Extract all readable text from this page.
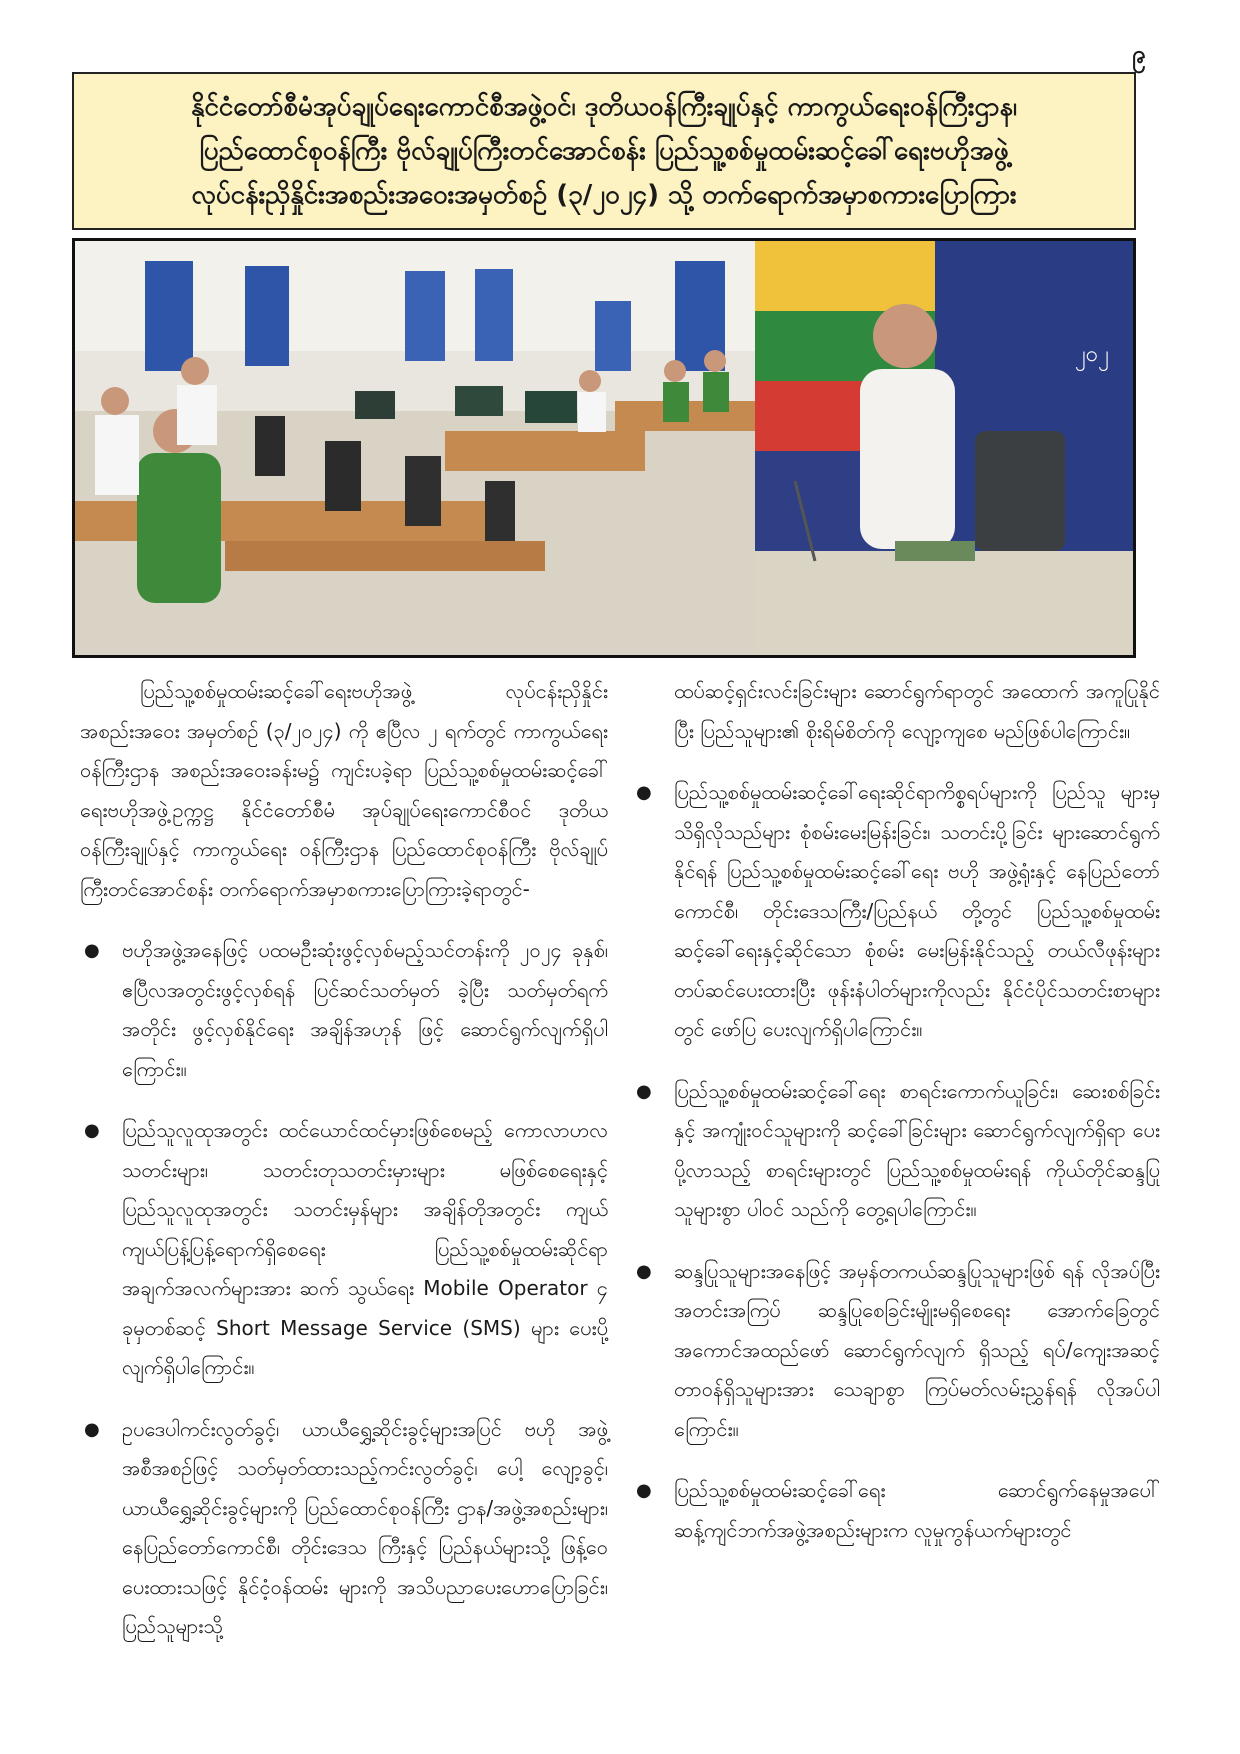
၉
နိုင်ငံတော်စီမံအုပ်ချုပ်ရေးကောင်စီအဖွဲ့ဝင်၊ ဒုတိယဝန်ကြီးချုပ်နှင့် ကာကွယ်ရေးဝန်ကြီးဌာန၊
ပြည်ထောင်စုဝန်ကြီး ဗိုလ်ချုပ်ကြီးတင်အောင်စန်း ပြည်သူ့စစ်မှုထမ်းဆင့်ခေါ်ရေးဗဟိုအဖွဲ့
လုပ်ငန်းညှိနှိုင်းအစည်းအဝေးအမှတ်စဉ် (၃/၂၀၂၄) သို့ တက်ရောက်အမှာစကားပြောကြား
၂၀၂

ပြည်သူ့စစ်မှုထမ်းဆင့်ခေါ်ရေးဗဟိုအဖွဲ့ လုပ်ငန်းညှိနှိုင်း အစည်းအဝေး အမှတ်စဉ် (၃/၂၀၂၄) ကို ဧပြီလ ၂ ရက်တွင် ကာကွယ်ရေးဝန်ကြီးဌာန အစည်းအဝေးခန်းမ၌ ကျင်းပခဲ့ရာ ပြည်သူ့စစ်မှုထမ်းဆင့်ခေါ်ရေးဗဟိုအဖွဲ့ဥက္ကဋ္ဌ နိုင်ငံတော်စီမံ အုပ်ချုပ်ရေးကောင်စီဝင် ဒုတိယဝန်ကြီးချုပ်နှင့် ကာကွယ်ရေး ဝန်ကြီးဌာန ပြည်ထောင်စုဝန်ကြီး ဗိုလ်ချုပ်ကြီးတင်အောင်စန်း တက်ရောက်အမှာစကားပြောကြားခဲ့ရာတွင်-

● ဗဟိုအဖွဲ့အနေဖြင့် ပထမဦးဆုံးဖွင့်လှစ်မည့်သင်တန်းကို ၂၀၂၄ ခုနှစ်၊ ဧပြီလအတွင်းဖွင့်လှစ်ရန် ပြင်ဆင်သတ်မှတ် ခဲ့ပြီး သတ်မှတ်ရက်အတိုင်း ဖွင့်လှစ်နိုင်ရေး အချိန်အဟုန် ဖြင့် ဆောင်ရွက်လျက်ရှိပါကြောင်း။

● ပြည်သူလူထုအတွင်း ထင်ယောင်ထင်မှားဖြစ်စေမည့် ကောလာဟလသတင်းများ၊ သတင်းတုသတင်းမှားများ မဖြစ်စေရေးနှင့် ပြည်သူလူထုအတွင်း သတင်းမှန်များ အချိန်တိုအတွင်း ကျယ်ကျယ်ပြန့်ပြန့်ရောက်ရှိစေရေး ပြည်သူ့စစ်မှုထမ်းဆိုင်ရာ အချက်အလက်များအား ဆက် သွယ်ရေး Mobile Operator ၄ ခုမှတစ်ဆင့် Short Message Service (SMS) များ ပေးပို့လျက်ရှိပါကြောင်း။

● ဥပဒေပါကင်းလွတ်ခွင့်၊ ယာယီရွှေ့ဆိုင်းခွင့်များအပြင် ဗဟို အဖွဲ့အစီအစဉ်ဖြင့် သတ်မှတ်ထားသည့်ကင်းလွတ်ခွင့်၊ ပေါ့ လျော့ခွင့်၊ ယာယီရွှေ့ဆိုင်းခွင့်များကို ပြည်ထောင်စုဝန်ကြီး ဌာန/အဖွဲ့အစည်းများ၊ နေပြည်တော်ကောင်စီ၊ တိုင်းဒေသ ကြီးနှင့် ပြည်နယ်များသို့ ဖြန့်ဝေပေးထားသဖြင့် နိုင်ငံ့ဝန်ထမ်း များကို အသိပညာပေးဟောပြောခြင်း၊ ပြည်သူများသို့

ထပ်ဆင့်ရှင်းလင်းခြင်းများ ဆောင်ရွက်ရာတွင် အထောက် အကူပြုနိုင်ပြီး ပြည်သူများ၏ စိုးရိမ်စိတ်ကို လျော့ကျစေ မည်ဖြစ်ပါကြောင်း။

● ပြည်သူ့စစ်မှုထမ်းဆင့်ခေါ်ရေးဆိုင်ရာကိစ္စရပ်များကို ပြည်သူ များမှသိရှိလိုသည်များ စုံစမ်းမေးမြန်းခြင်း၊ သတင်းပို့ခြင်း များဆောင်ရွက်နိုင်ရန် ပြည်သူ့စစ်မှုထမ်းဆင့်ခေါ်ရေး ဗဟို အဖွဲ့ရုံးနှင့် နေပြည်တော်ကောင်စီ၊ တိုင်းဒေသကြီး/ပြည်နယ် တို့တွင် ပြည်သူ့စစ်မှုထမ်းဆင့်ခေါ်ရေးနှင့်ဆိုင်သော စုံစမ်း မေးမြန်းနိုင်သည့် တယ်လီဖုန်းများတပ်ဆင်ပေးထားပြီး ဖုန်းနံပါတ်များကိုလည်း နိုင်ငံပိုင်သတင်းစာများတွင် ဖော်ပြ ပေးလျက်ရှိပါကြောင်း။

● ပြည်သူ့စစ်မှုထမ်းဆင့်ခေါ်ရေး စာရင်းကောက်ယူခြင်း၊ ဆေးစစ်ခြင်းနှင့် အကျုံးဝင်သူများကို ဆင့်ခေါ်ခြင်းများ ဆောင်ရွက်လျက်ရှိရာ ပေးပို့လာသည့် စာရင်းများတွင် ပြည်သူ့စစ်မှုထမ်းရန် ကိုယ်တိုင်ဆန္ဒပြုသူများစွာ ပါဝင် သည်ကို တွေ့ရပါကြောင်း။

● ဆန္ဒပြုသူများအနေဖြင့် အမှန်တကယ်ဆန္ဒပြုသူများဖြစ် ရန် လိုအပ်ပြီး အတင်းအကြပ် ဆန္ဒပြုစေခြင်းမျိုးမရှိစေရေး အောက်ခြေတွင် အကောင်အထည်ဖော် ဆောင်ရွက်လျက် ရှိသည့် ရပ်/ကျေးအဆင့်တာဝန်ရှိသူများအား သေချာစွာ ကြပ်မတ်လမ်းညွှန်ရန် လိုအပ်ပါကြောင်း။

● ပြည်သူ့စစ်မှုထမ်းဆင့်ခေါ်ရေး ဆောင်ရွက်နေမှုအပေါ် ဆန့်ကျင်ဘက်အဖွဲ့အစည်းများက လူမှုကွန်ယက်များတွင်
